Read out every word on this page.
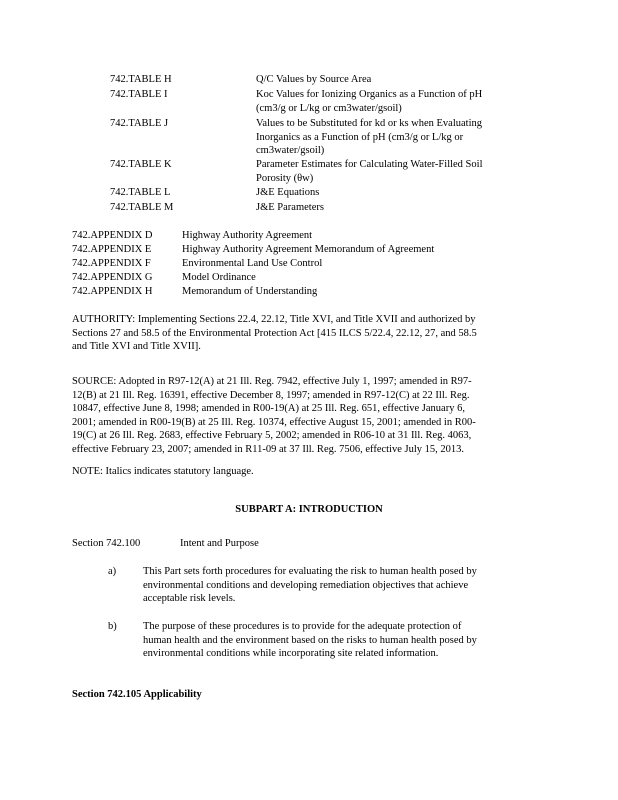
742.TABLE H	Q/C Values by Source Area
742.TABLE I	Koc Values for Ionizing Organics as a Function of pH
(cm3/g or L/kg or cm3water/gsoil)
742.TABLE J	Values to be Substituted for kd or ks when Evaluating
Inorganics as a Function of pH (cm3/g or L/kg or
cm3water/gsoil)
742.TABLE K	Parameter Estimates for Calculating Water-Filled Soil
Porosity (θw)
742.TABLE L	J&E Equations
742.TABLE M	J&E Parameters
742.APPENDIX D	Highway Authority Agreement
742.APPENDIX E	Highway Authority Agreement Memorandum of Agreement
742.APPENDIX F	Environmental Land Use Control
742.APPENDIX G	Model Ordinance
742.APPENDIX H	Memorandum of Understanding
AUTHORITY: Implementing Sections 22.4, 22.12, Title XVI, and Title XVII and authorized by
Sections 27 and 58.5 of the Environmental Protection Act [415 ILCS 5/22.4, 22.12, 27, and 58.5
and Title XVI and Title XVII].
SOURCE: Adopted in R97-12(A) at 21 Ill. Reg. 7942, effective July 1, 1997; amended in R97-
12(B) at 21 Ill. Reg. 16391, effective December 8, 1997; amended in R97-12(C) at 22 Ill. Reg.
10847, effective June 8, 1998; amended in R00-19(A) at 25 Ill. Reg. 651, effective January 6,
2001; amended in R00-19(B) at 25 Ill. Reg. 10374, effective August 15, 2001; amended in R00-
19(C) at 26 Ill. Reg. 2683, effective February 5, 2002; amended in R06-10 at 31 Ill. Reg. 4063,
effective February 23, 2007; amended in R11-09 at 37 Ill. Reg. 7506, effective July 15, 2013.
NOTE: Italics indicates statutory language.
SUBPART A: INTRODUCTION
Section 742.100	Intent and Purpose
a)	This Part sets forth procedures for evaluating the risk to human health posed by
environmental conditions and developing remediation objectives that achieve
acceptable risk levels.
b)	The purpose of these procedures is to provide for the adequate protection of
human health and the environment based on the risks to human health posed by
environmental conditions while incorporating site related information.
Section 742.105 Applicability
